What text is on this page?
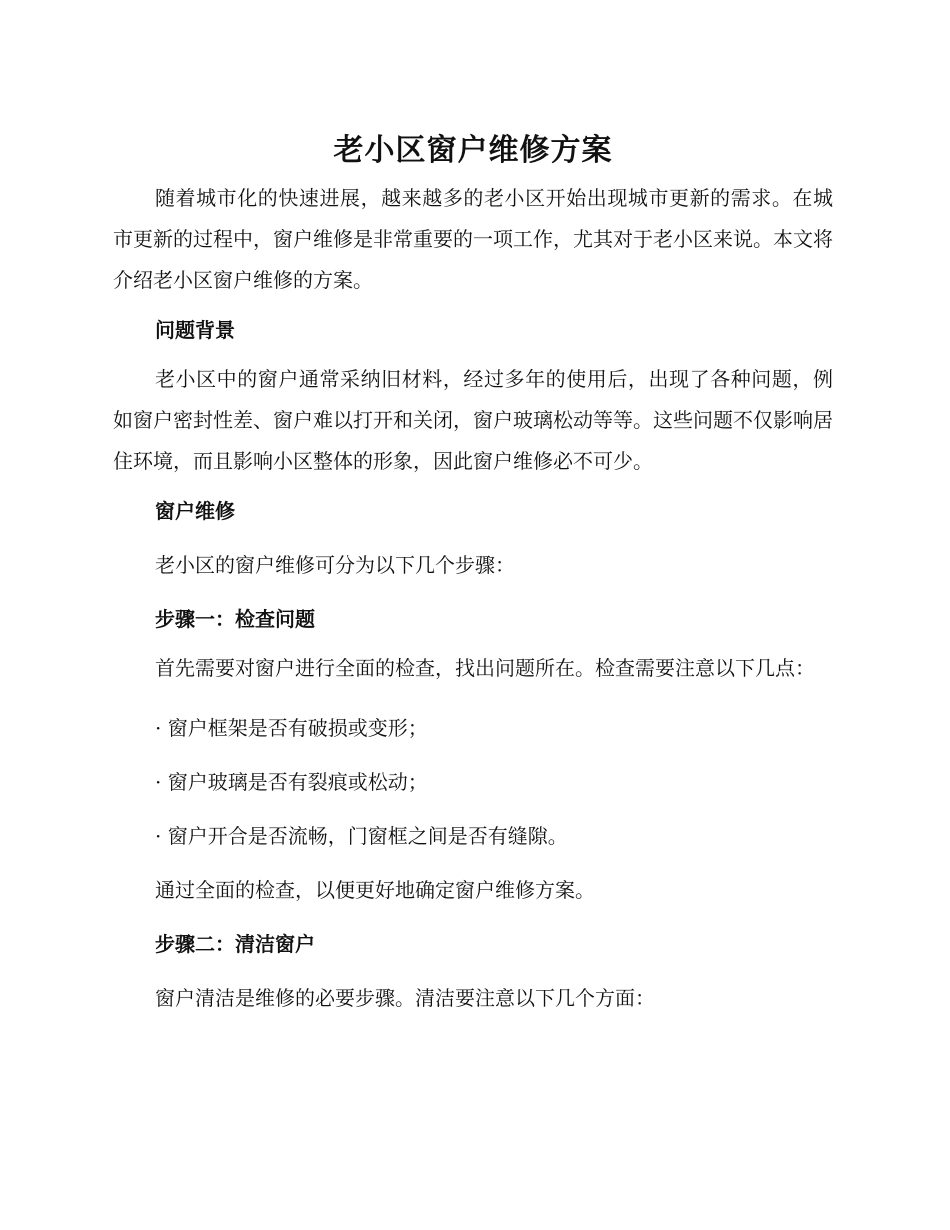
老小区窗户维修方案

随着城市化的快速进展，越来越多的老小区开始出现城市更新的需求。在城市更新的过程中，窗户维修是非常重要的一项工作，尤其对于老小区来说。本文将介绍老小区窗户维修的方案。

问题背景

老小区中的窗户通常采纳旧材料，经过多年的使用后，出现了各种问题，例如窗户密封性差、窗户难以打开和关闭，窗户玻璃松动等等。这些问题不仅影响居住环境，而且影响小区整体的形象，因此窗户维修必不可少。

窗户维修

老小区的窗户维修可分为以下几个步骤：

步骤一：检查问题

首先需要对窗户进行全面的检查，找出问题所在。检查需要注意以下几点：

· 窗户框架是否有破损或变形；

· 窗户玻璃是否有裂痕或松动；

· 窗户开合是否流畅，门窗框之间是否有缝隙。

通过全面的检查，以便更好地确定窗户维修方案。

步骤二：清洁窗户

窗户清洁是维修的必要步骤。清洁要注意以下几个方面：
